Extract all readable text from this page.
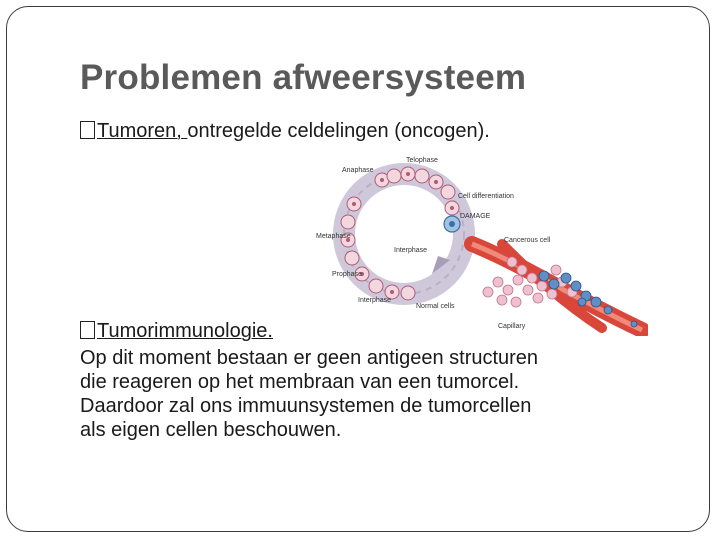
Problemen afweersysteem
Tumoren, ontregelde celdelingen (oncogen).
Telophase
Anaphase
Metaphase
Prophase
Interphase
Interphase
Cell differentiation
DAMAGE
Cancerous cell
Normal cells
Capillary
Tumorimmunologie.
Op dit moment bestaan er geen antigeen structuren
die reageren op het membraan van een tumorcel.
Daardoor zal ons immuunsystemen de tumorcellen
als eigen cellen beschouwen.
